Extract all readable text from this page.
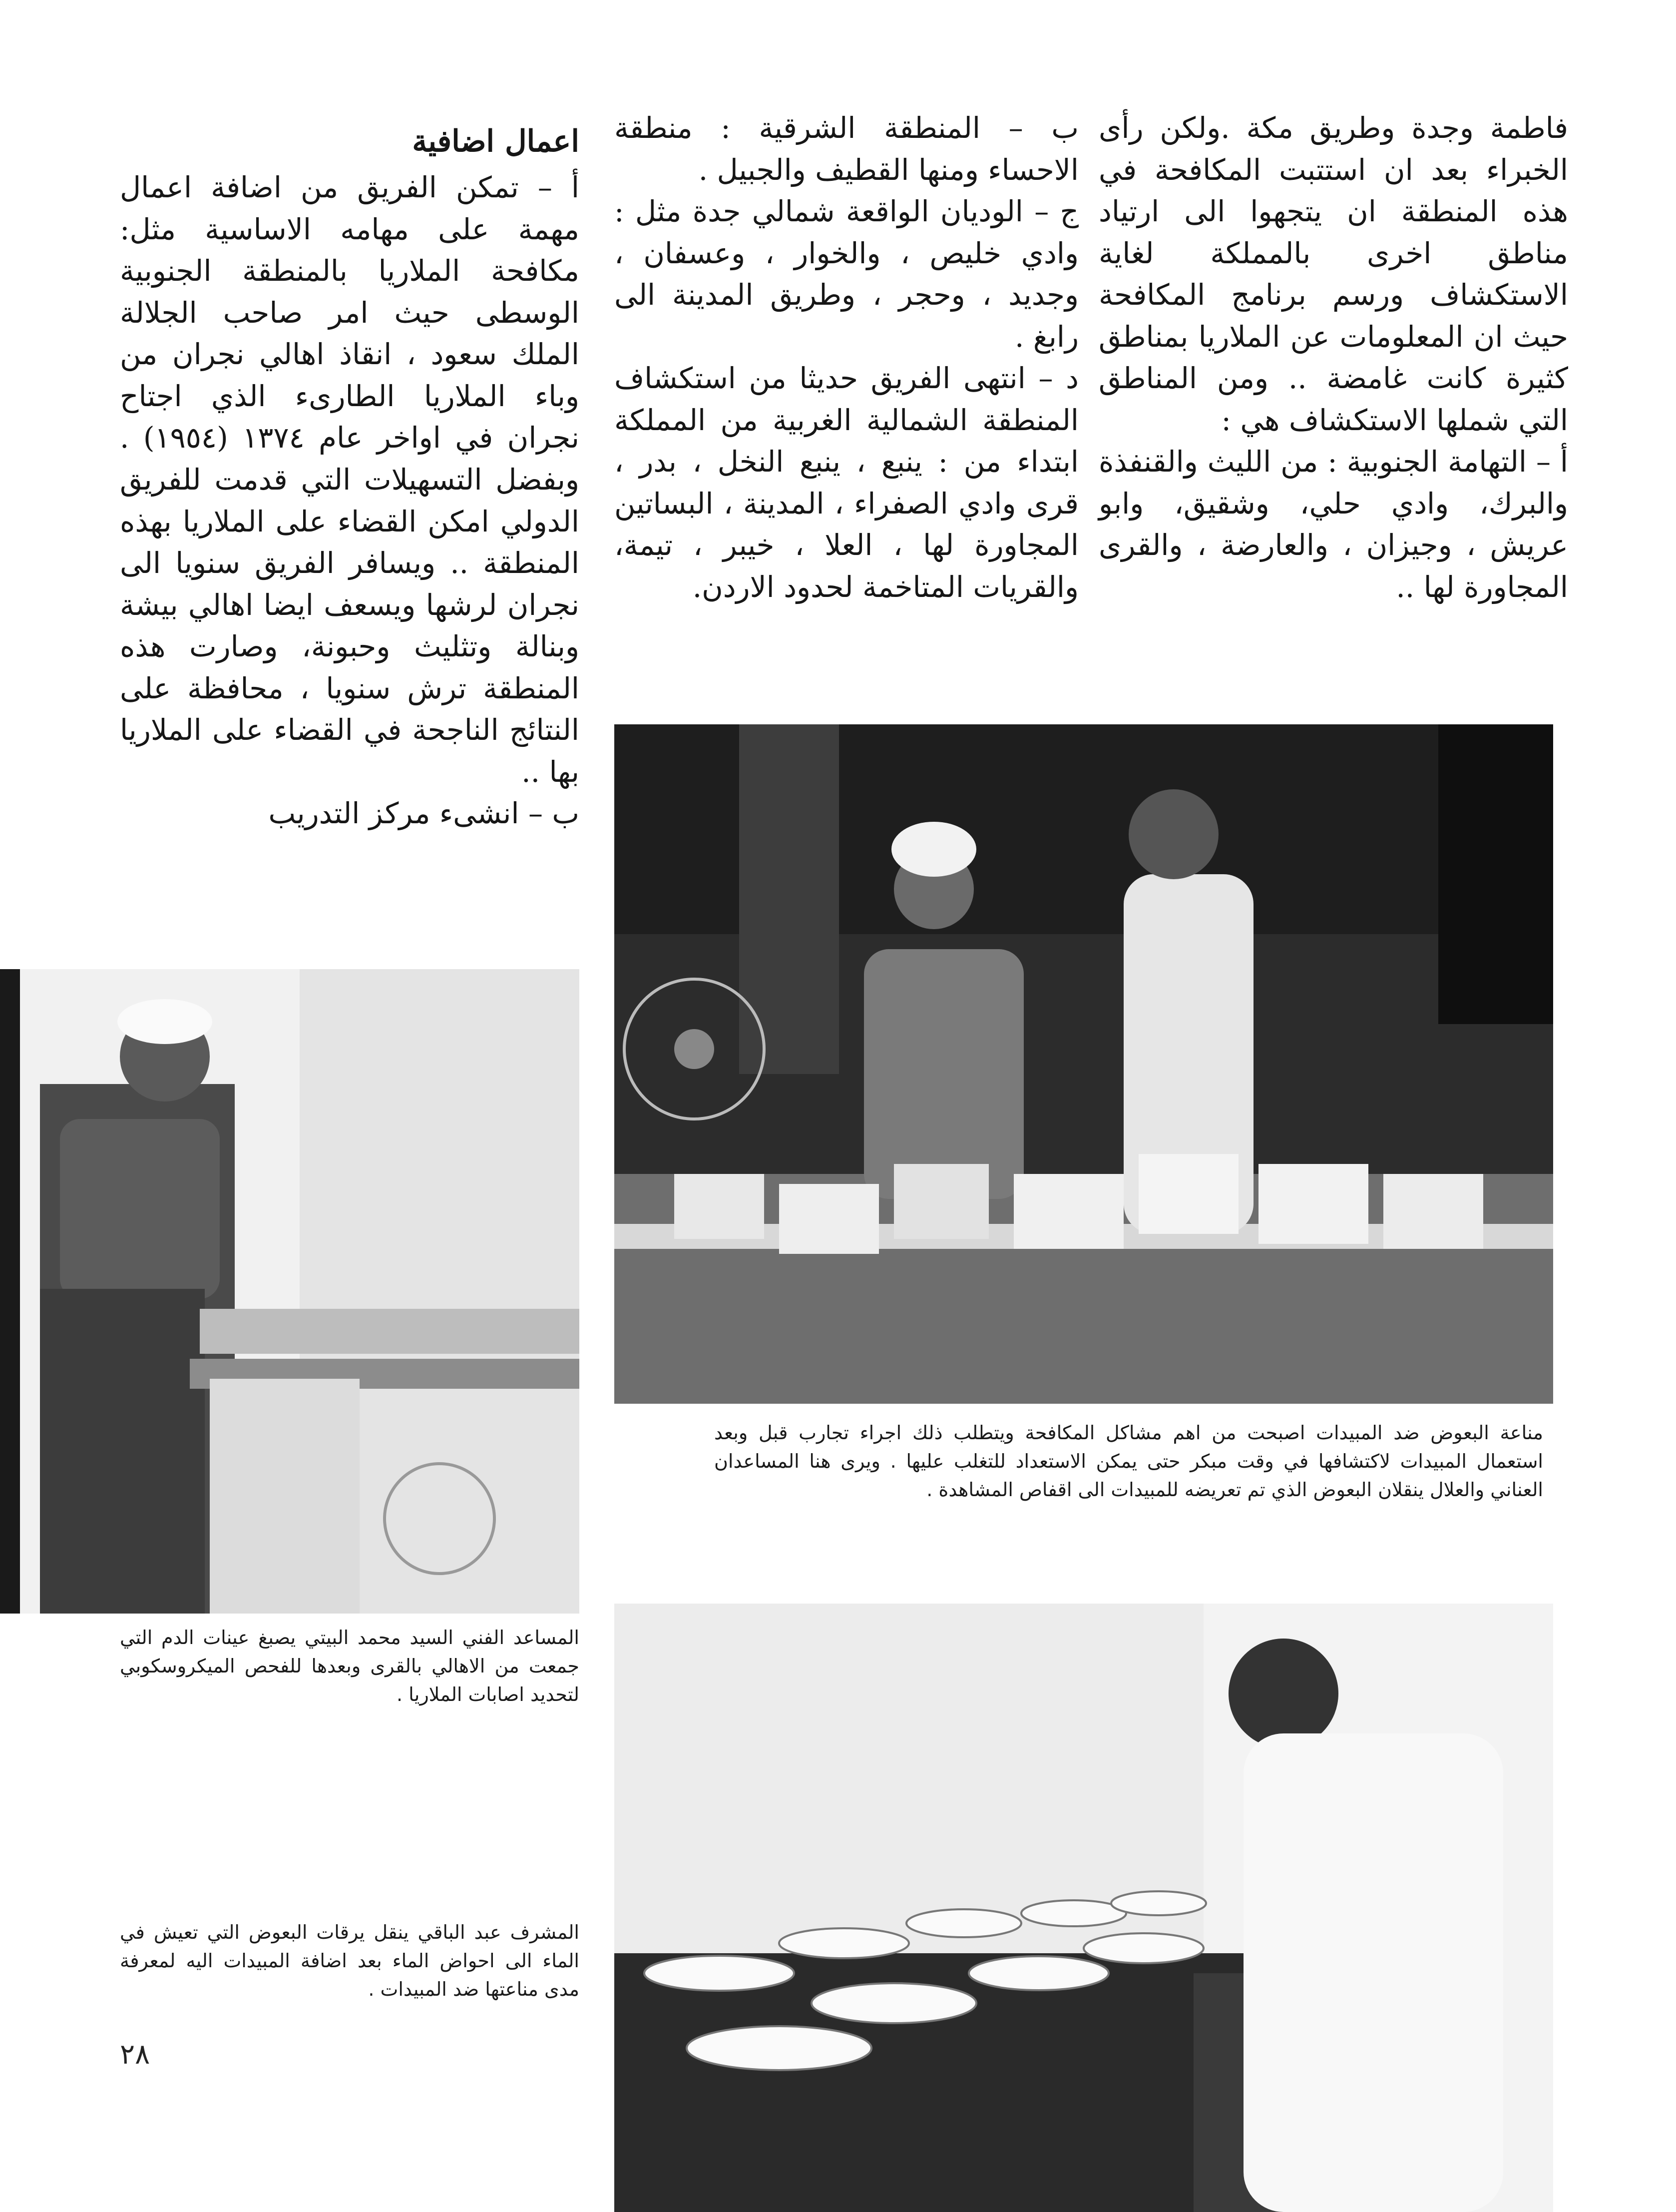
فاطمة وجدة وطريق مكة .ولكن رأى الخبراء بعد ان استتبت المكافحة في هذه المنطقة ان يتجهوا الى ارتياد مناطق اخرى بالمملكة لغاية الاستكشاف ورسم برنامج المكافحة حيث ان المعلومات عن الملاريا بمناطق كثيرة كانت غامضة .. ومن المناطق التي شملها الاستكشاف هي :

أ – التهامة الجنوبية : من الليث والقنفذة والبرك، وادي حلي، وشقيق، وابو عريش ، وجيزان ، والعارضة ، والقرى المجاورة لها ..

ب – المنطقة الشرقية : منطقة الاحساء ومنها القطيف والجبيل .

ج – الوديان الواقعة شمالي جدة مثل : وادي خليص ، والخوار ، وعسفان ، وجديد ، وحجر ، وطريق المدينة الى رابغ .

د – انتهى الفريق حديثا من استكشاف المنطقة الشمالية الغربية من المملكة ابتداء من : ينبع ، ينبع النخل ، بدر ، قرى وادي الصفراء ، المدينة ، البساتين المجاورة لها ، العلا ، خيبر ، تيمة، والقريات المتاخمة لحدود الاردن.

اعمال اضافية

أ – تمكن الفريق من اضافة اعمال مهمة على مهامه الاساسية مثل: مكافحة الملاريا بالمنطقة الجنوبية الوسطى حيث امر صاحب الجلالة الملك سعود ، انقاذ اهالي نجران من وباء الملاريا الطارىء الذي اجتاح نجران في اواخر عام ١٣٧٤ (١٩٥٤) . وبفضل التسهيلات التي قدمت للفريق الدولي امكن القضاء على الملاريا بهذه المنطقة .. ويسافر الفريق سنويا الى نجران لرشها ويسعف ايضا اهالي بيشة وبنالة وتثليث وحبونة، وصارت هذه المنطقة ترش سنويا ، محافظة على النتائج الناجحة في القضاء على الملاريا بها ..

ب – انشىء مركز التدريب

مناعة البعوض ضد المبيدات اصبحت من اهم مشاكل المكافحة ويتطلب ذلك اجراء تجارب قبل وبعد استعمال المبيدات لاكتشافها في وقت مبكر حتى يمكن الاستعداد للتغلب عليها . ويرى هنا المساعدان العناني والعلال ينقلان البعوض الذي تم تعريضه للمبيدات الى اقفاص المشاهدة .
المساعد الفني السيد محمد البيتي يصبغ عينات الدم التي جمعت من الاهالي بالقرى وبعدها للفحص الميكروسكوبي لتحديد اصابات الملاريا .
المشرف عبد الباقي ينقل يرقات البعوض التي تعيش في الماء الى احواض الماء بعد اضافة المبيدات اليه لمعرفة مدى مناعتها ضد المبيدات .
٢٨
